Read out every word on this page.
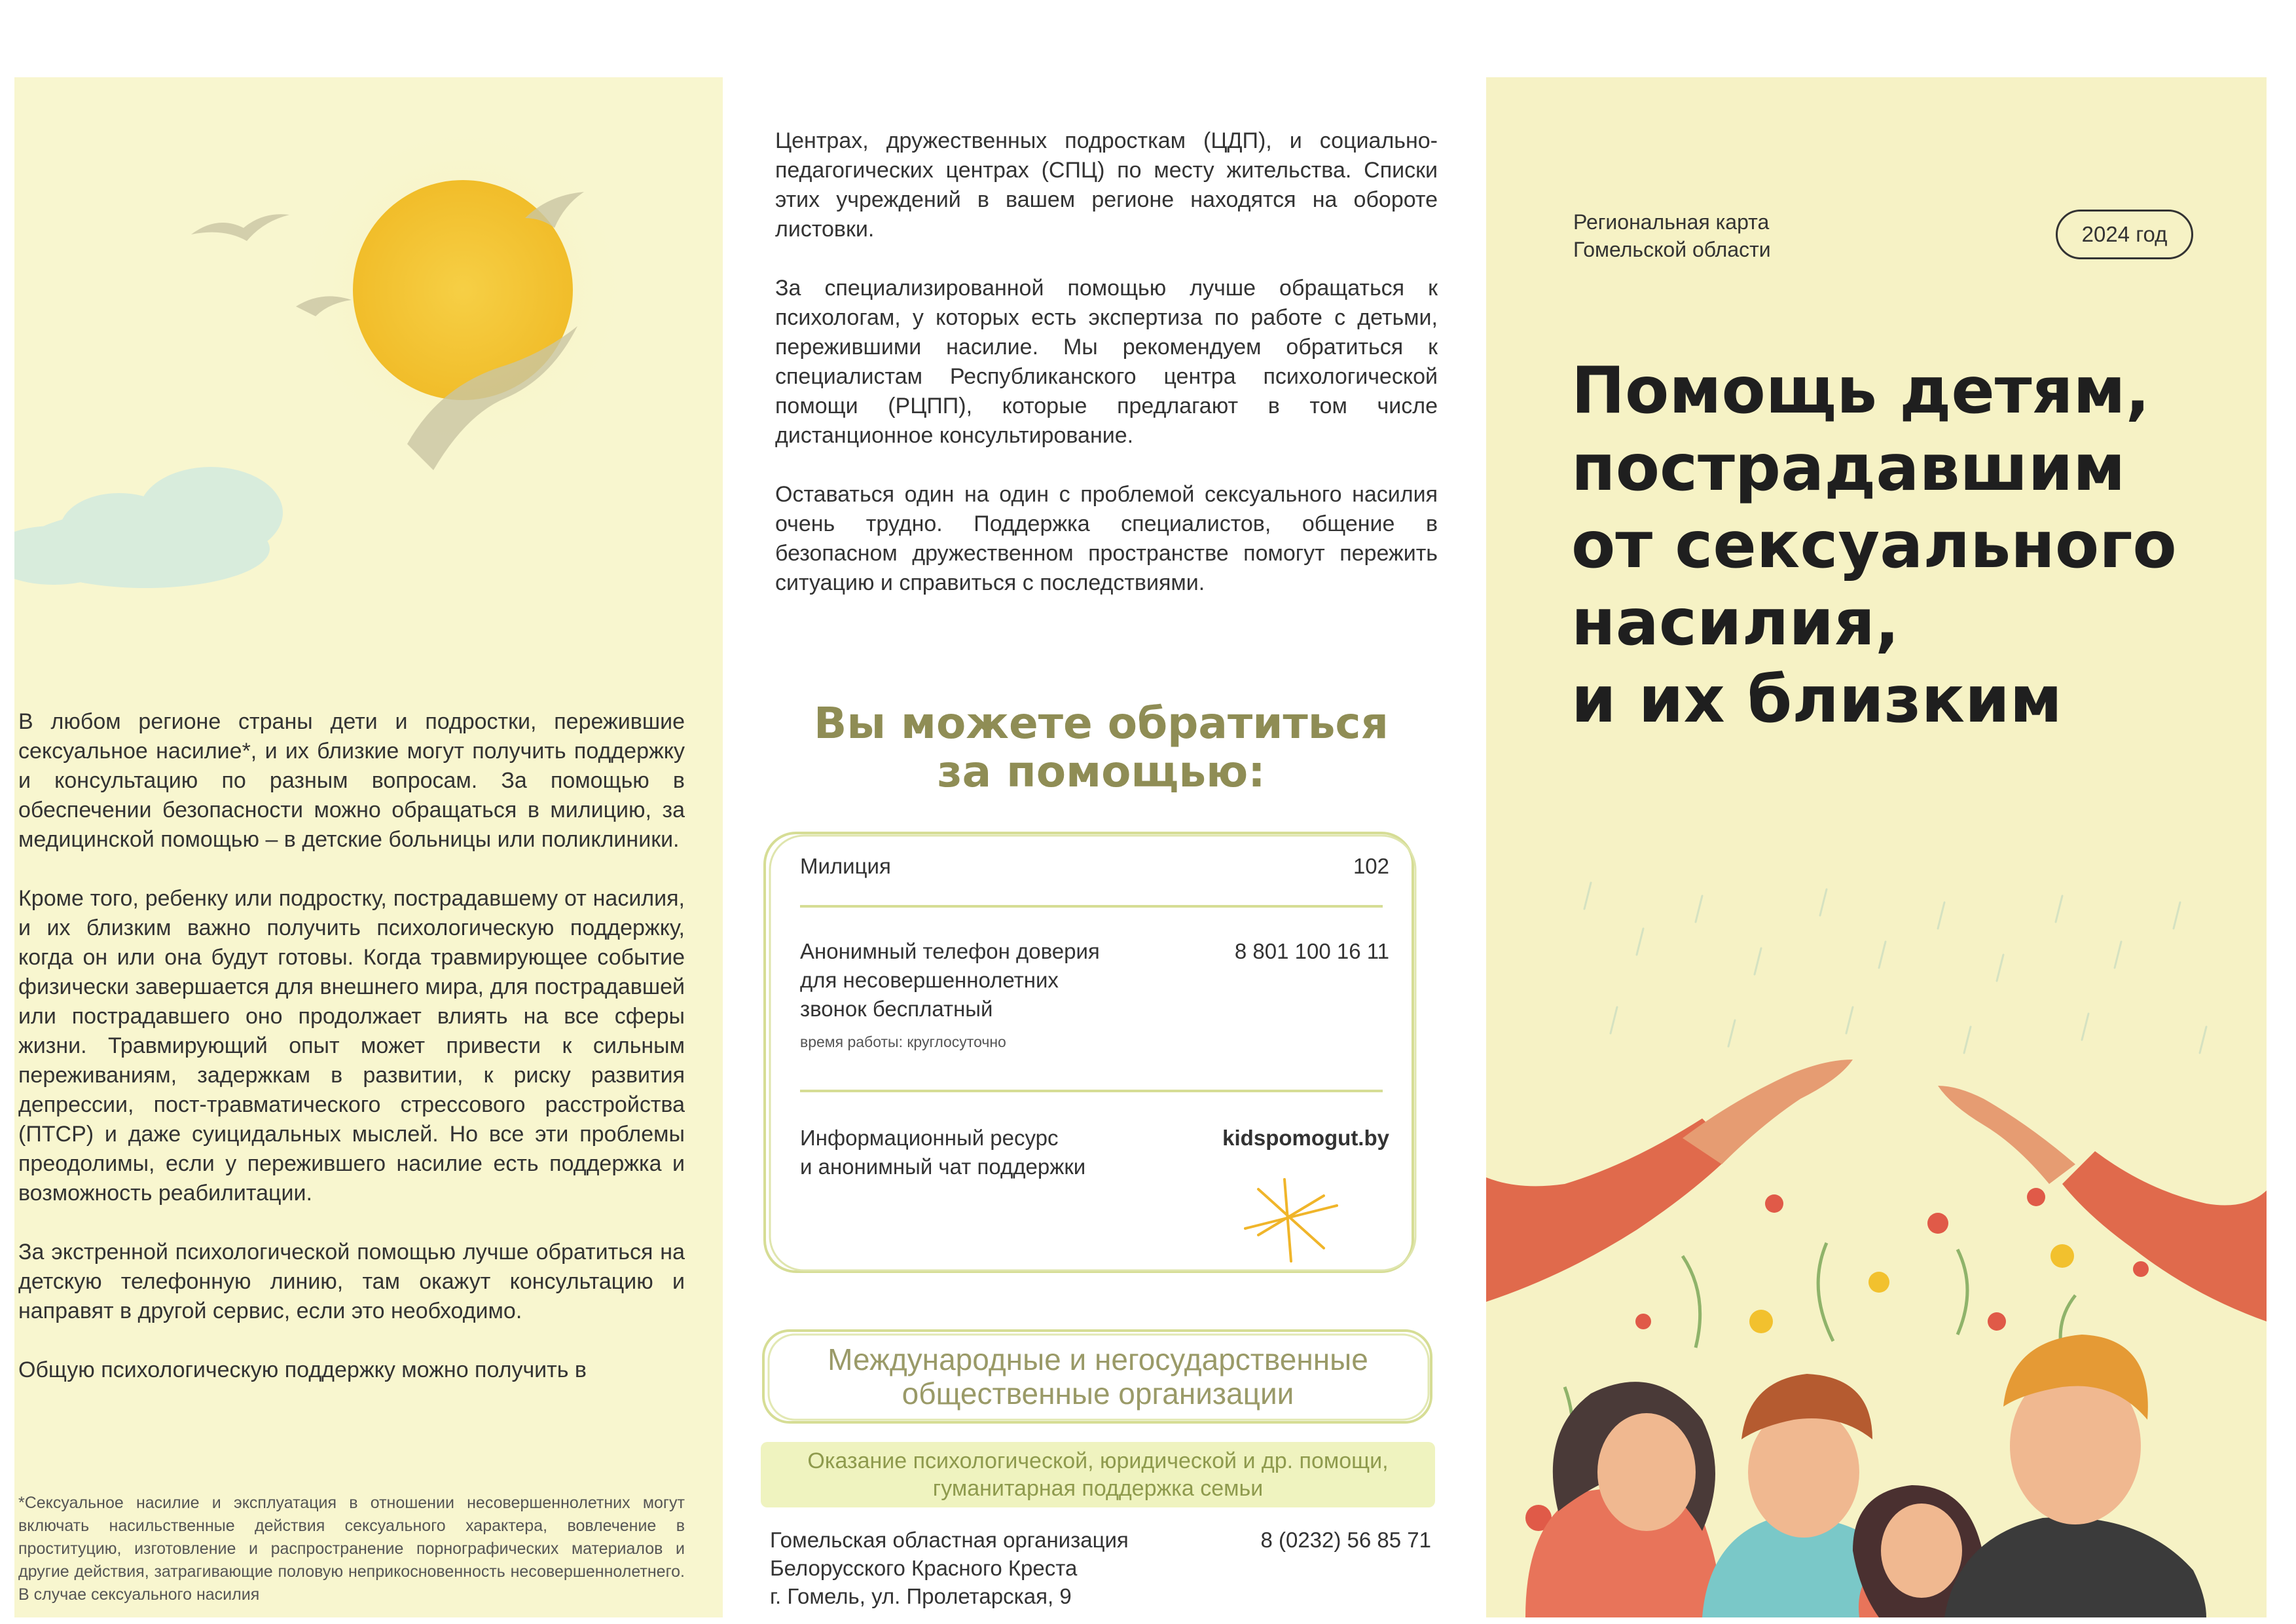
В любом регионе страны дети и подростки, пережившие сексуальное насилие*, и их близкие могут получить поддержку и консультацию по разным вопросам. За помощью в обеспечении безопасности можно обращаться в милицию, за медицинской помощью – в детские больницы или поликлиники.

Кроме того, ребенку или подростку, пострадавшему от насилия, и их близким важно получить психологическую поддержку, когда он или она будут готовы. Когда травмирующее событие физически завершается для внешнего мира, для пострадавшей или пострадавшего оно продолжает влиять на все сферы жизни. Травмирующий опыт может привести к сильным переживаниям, задержкам в развитии, к риску развития депрессии, пост-травматического стрессового расстройства (ПТСР) и даже суицидальных мыслей. Но все эти проблемы преодолимы, если у пережившего насилие есть поддержка и возможность реабилитации.

За экстренной психологической помощью лучше обратиться на детскую телефонную линию, там окажут консультацию и направят в другой сервис, если это необходимо.

Общую психологическую поддержку можно получить в

*Сексуальное насилие и эксплуатация в отношении несовершеннолетних могут включать насильственные действия сексуального характера, вовлечение в проституцию, изготовление и распространение порнографических материалов и другие действия, затрагивающие половую неприкосновенность несовершеннолетнего. В случае сексуального насилия

Центрах, дружественных подросткам (ЦДП), и социально-педагогических центрах (СПЦ) по месту жительства. Списки этих учреждений в вашем регионе находятся на обороте листовки.

За специализированной помощью лучше обращаться к психологам, у которых есть экспертиза по работе с детьми, пережившими насилие. Мы рекомендуем обратиться к специалистам Республиканского центра психологической помощи (РЦПП), которые предлагают в том числе дистанционное консультирование.

Оставаться один на один с проблемой сексуального насилия очень трудно. Поддержка специалистов, общение в безопасном дружественном пространстве помогут пережить ситуацию и справиться с последствиями.

Вы можете обратиться
за помощью:
Милиция	102
Анонимный телефон доверия
для несовершеннолетних
звонок бесплатный
время работы: круглосуточно
8 801 100 16 11
Информационный ресурс
и анонимный чат поддержки
kidspomogut.by
Международные и негосударственные
общественные организации
Оказание психологической, юридической и др. помощи,
гуманитарная поддержка семьи
Гомельская областная организация
Белорусского Красного Креста
г. Гомель, ул. Пролетарская, 9
8 (0232) 56 85 71
Региональная карта
Гомельской области
2024 год
Помощь детям,
пострадавшим
от сексуального
насилия,
и их близким
